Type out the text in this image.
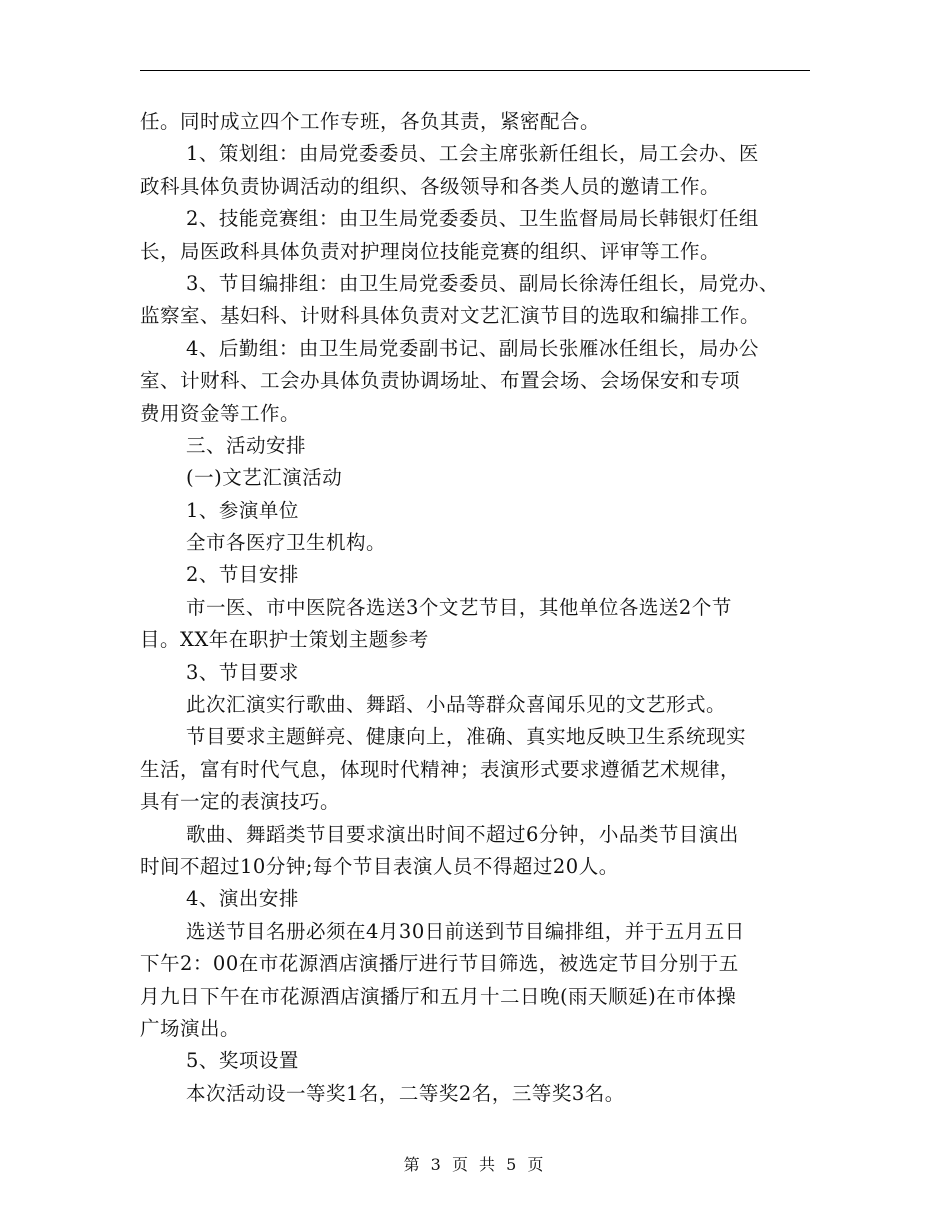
任。同时成立四个工作专班，各负其责，紧密配合。
1、策划组：由局党委委员、工会主席张新任组长，局工会办、医
政科具体负责协调活动的组织、各级领导和各类人员的邀请工作。
2、技能竞赛组：由卫生局党委委员、卫生监督局局长韩银灯任组
长，局医政科具体负责对护理岗位技能竞赛的组织、评审等工作。
3、节目编排组：由卫生局党委委员、副局长徐涛任组长，局党办、
监察室、基妇科、计财科具体负责对文艺汇演节目的选取和编排工作。
4、后勤组：由卫生局党委副书记、副局长张雁冰任组长，局办公
室、计财科、工会办具体负责协调场址、布置会场、会场保安和专项
费用资金等工作。
三、活动安排
(一)文艺汇演活动
1、参演单位
全市各医疗卫生机构。
2、节目安排
市一医、市中医院各选送3个文艺节目，其他单位各选送2个节
目。XX年在职护士策划主题参考
3、节目要求
此次汇演实行歌曲、舞蹈、小品等群众喜闻乐见的文艺形式。
节目要求主题鲜亮、健康向上，准确、真实地反映卫生系统现实
生活，富有时代气息，体现时代精神；表演形式要求遵循艺术规律，
具有一定的表演技巧。
歌曲、舞蹈类节目要求演出时间不超过6分钟，小品类节目演出
时间不超过10分钟;每个节目表演人员不得超过20人。
4、演出安排
选送节目名册必须在4月30日前送到节目编排组，并于五月五日
下午2：00在市花源酒店演播厅进行节目筛选，被选定节目分别于五
月九日下午在市花源酒店演播厅和五月十二日晚(雨天顺延)在市体操
广场演出。
5、奖项设置
本次活动设一等奖1名，二等奖2名，三等奖3名。
第 3 页 共 5 页
